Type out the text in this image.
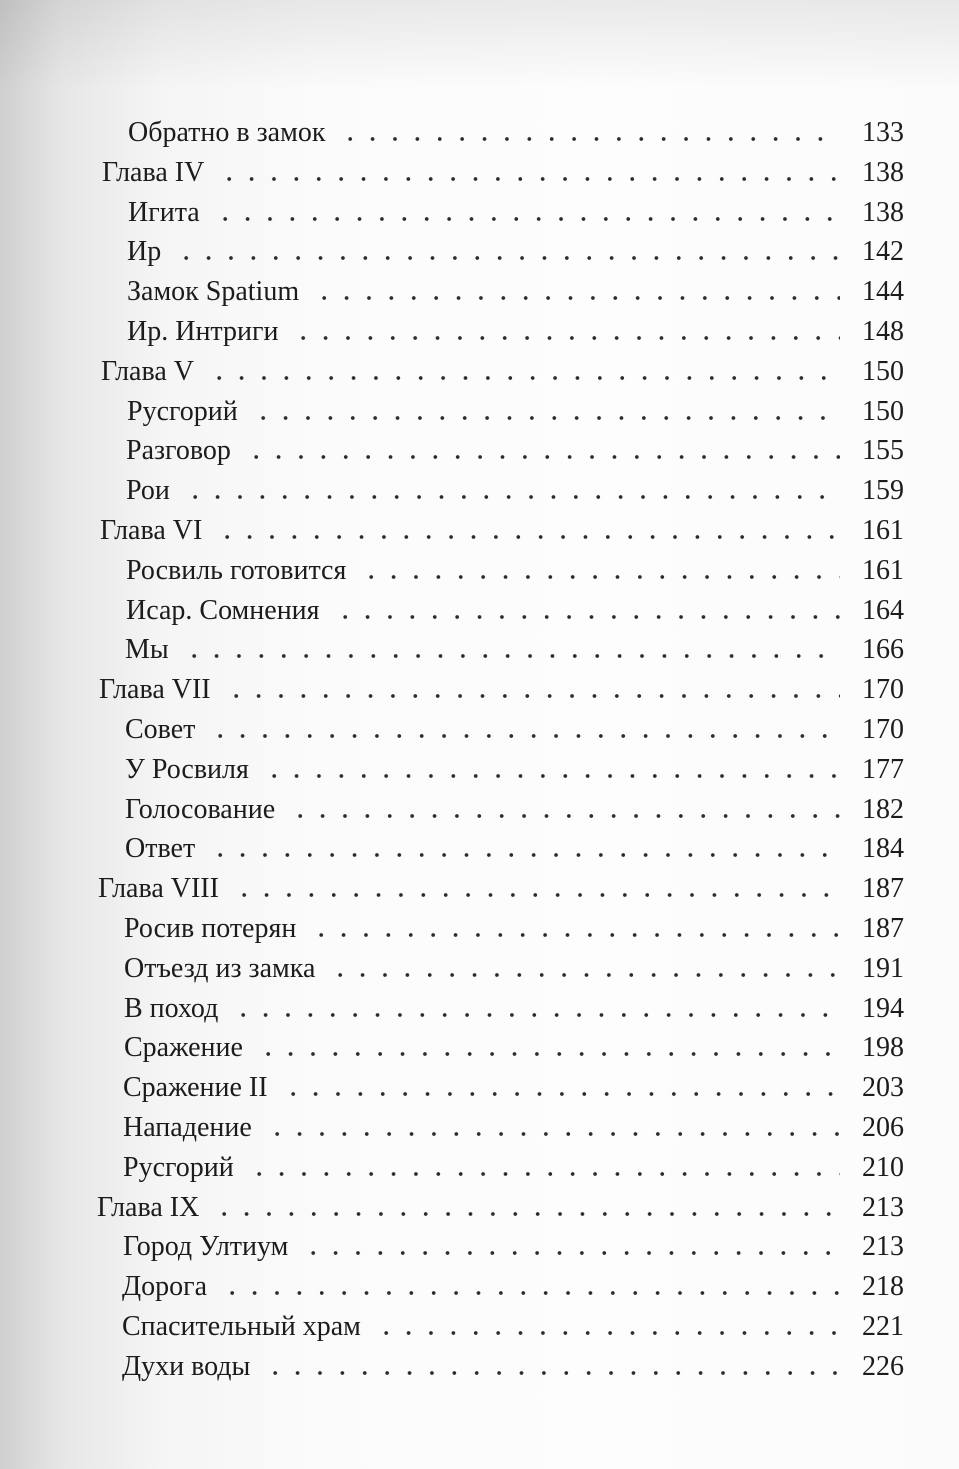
Обратно в замок	133
Глава IV	138
Игита	138
Ир	142
Замок Spatium	144
Ир. Интриги	148
Глава V	150
Русгорий	150
Разговор	155
Рои	159
Глава VI	161
Росвиль готовится	161
Исар. Сомнения	164
Мы	166
Глава VII	170
Совет	170
У Росвиля	177
Голосование	182
Ответ	184
Глава VIII	187
Росив потерян	187
Отъезд из замка	191
В поход	194
Сражение	198
Сражение II	203
Нападение	206
Русгорий	210
Глава IX	213
Город Ултиум	213
Дорога	218
Спасительный храм	221
Духи воды	226
